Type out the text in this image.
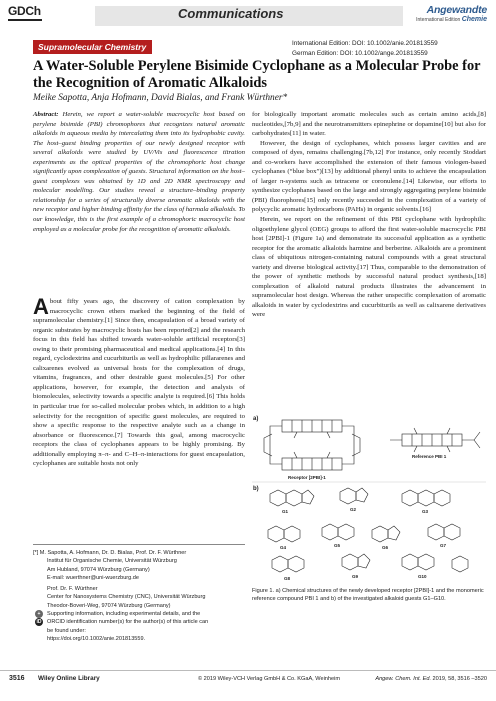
GDCh	Communications	Angewandte
International Edition Chemie
Supramolecular Chemistry	International Edition: DOI: 10.1002/anie.201813559
German Edition: DOI: 10.1002/ange.201813559
A Water-Soluble Perylene Bisimide Cyclophane as a Molecular Probe for the Recognition of Aromatic Alkaloids
Meike Sapotta, Anja Hofmann, David Bialas, and Frank Würthner*
Abstract: Herein, we report a water-soluble macrocyclic host based on perylene bisimide (PBI) chromophores that recognizes natural aromatic alkaloids in aqueous media by intercalating them into its hydrophobic cavity. The host–guest binding properties of our newly designed receptor with several alkaloids were studied by UV/Vis and fluorescence titration experiments as the optical properties of the chromophoric host change significantly upon complexation of guests. Structural information on the host–guest complexes was obtained by 1D and 2D NMR spectroscopy and molecular modelling. Our studies reveal a structure–binding property relationship for a series of structurally diverse aromatic alkaloids with the new receptor and higher binding affinity for the class of harmala alkaloids. To our knowledge, this is the first example of a chromophoric macrocyclic host employed as a molecular probe for the recognition of aromatic alkaloids.
About fifty years ago, the discovery of cation complexation by macrocyclic crown ethers marked the beginning of the field of supramolecular chemistry.[1] Since then, encapsulation of a broad variety of organic substrates by macrocyclic hosts has been reported[2] and the research focus in this field has shifted towards water-soluble artificial receptors[3] owing to their promising pharmaceutical and medical applications.[4] In this regard, cyclodextrins and cucurbiturils as well as hydrophilic pillararenes and calixarenes evolved as universal hosts for the complexation of drugs, vitamins, fragrances, and other desirable guest molecules.[5] For other applications, however, for example, the detection and analysis of biomolecules, selectivity towards a specific analyte is required.[6] This holds in particular true for so-called molecular probes which, in addition to a high selectivity for the recognition of specific guest molecules, are required to show a specific response to the respective analyte such as a change in absorbance or fluorescence.[7] Towards this goal, among macrocyclic receptors the class of cyclophanes appears to be highly promising. By additionally employing π–π- and C–H–π-interactions for guest encapsulation, cyclophanes are suitable hosts not only

for biologically important aromatic molecules such as certain amino acids,[8] nucleotides,[7b,9] and the neurotransmitters epinephrine or dopamine[10] but also for carbohydrates[11] in water.

However, the design of cyclophanes, which possess larger cavities and are composed of dyes, remains challenging.[7b,12] For instance, only recently Stoddart and co-workers have accomplished the extension of their famous viologen-based cyclophanes (“blue box”)[13] by additional phenyl units to achieve the encapsulation of larger π-systems such as tetracene or coronulene.[14] Likewise, our efforts to synthesize cyclophanes based on the large and strongly aggregating perylene bisimide (PBI) fluorophores[15] only recently succeeded in the complexation of a variety of polycyclic aromatic hydrocarbons (PAHs) in organic solvents.[16]

Herein, we report on the refinement of this PBI cyclophane with hydrophilic oligoethylene glycol (OEG) groups to afford the first water-soluble macrocyclic PBI host [2PBI]-1 (Figure 1a) and demonstrate its successful application as a synthetic receptor for the aromatic alkaloids harmine and berberine. Alkaloids are a prominent class of ubiquitous nitrogen-containing natural compounds with a great structural variety and diverse biological activity.[17] Thus, comparable to the demonstration of the power of synthetic methods by successful natural product synthesis,[18] complexation of alkaloid natural products illustrates the advancement in supramolecular host design. Whereas the rather unspecific complexation of aromatic alkaloids in water by cyclodextrins and cucurbiturils as well as calixarene derivatives were

[*] M. Sapotta, A. Hofmann, Dr. D. Bialas, Prof. Dr. F. Würthner
Institut für Organische Chemie, Universität Würzburg
Am Hubland, 97074 Würzburg (Germany)
E-mail: wuerthner@uni-wuerzburg.de
Prof. Dr. F. Würthner
Center for Nanosystems Chemistry (CNC), Universität Würzburg
Theodor-Boveri-Weg, 97074 Würzburg (Germany)
+
iD
Supporting information, including experimental details, and the
ORCID identification number(s) for the author(s) of this article can
be found under:
https://doi.org/10.1002/anie.201813559.
a)
b)
Receptor [2PBI]-1
Reference PBI 1
G1	G2	G3
G4	G5	G6	G7
G8	G9	G10
Figure 1. a) Chemical structures of the newly developed receptor [2PBI]-1 and the monomeric reference compound PBI 1 and b) of the investigated alkaloid guests G1–G10.
3516 Wiley Online Library	© 2019 Wiley-VCH Verlag GmbH & Co. KGaA, Weinheim	Angew. Chem. Int. Ed. 2019, 58, 3516 –3520
